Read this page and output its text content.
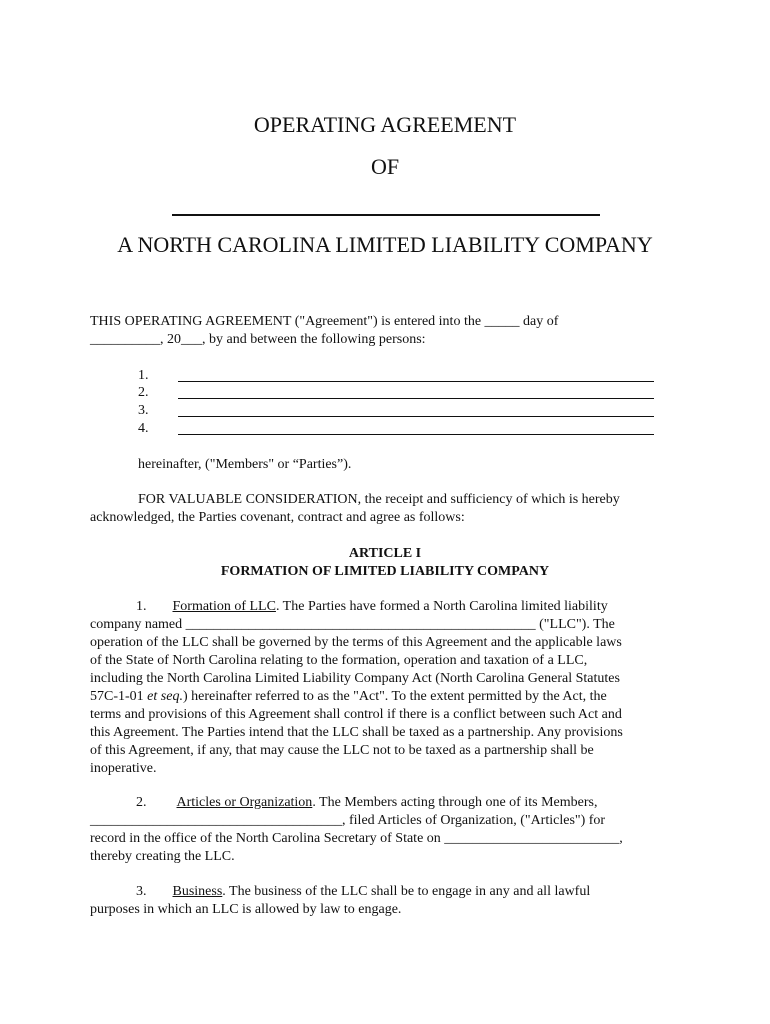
OPERATING AGREEMENT
OF
A NORTH CAROLINA LIMITED LIABILITY COMPANY
THIS OPERATING AGREEMENT ("Agreement") is entered into the _____ day of
__________, 20___, by and between the following persons:
1.
2.
3.
4.
hereinafter, ("Members" or “Parties”).
FOR VALUABLE CONSIDERATION, the receipt and sufficiency of which is hereby
acknowledged, the Parties covenant, contract and agree as follows:
ARTICLE I
FORMATION OF LIMITED LIABILITY COMPANY
1. Formation of LLC. The Parties have formed a North Carolina limited liability
company named __________________________________________________ ("LLC"). The
operation of the LLC shall be governed by the terms of this Agreement and the applicable laws
of the State of North Carolina relating to the formation, operation and taxation of a LLC,
including the North Carolina Limited Liability Company Act (North Carolina General Statutes
57C-1-01 et seq.) hereinafter referred to as the "Act". To the extent permitted by the Act, the
terms and provisions of this Agreement shall control if there is a conflict between such Act and
this Agreement. The Parties intend that the LLC shall be taxed as a partnership. Any provisions
of this Agreement, if any, that may cause the LLC not to be taxed as a partnership shall be
inoperative.
2. Articles or Organization. The Members acting through one of its Members,
____________________________________, filed Articles of Organization, ("Articles") for
record in the office of the North Carolina Secretary of State on _________________________,
thereby creating the LLC.
3. Business. The business of the LLC shall be to engage in any and all lawful
purposes in which an LLC is allowed by law to engage.
